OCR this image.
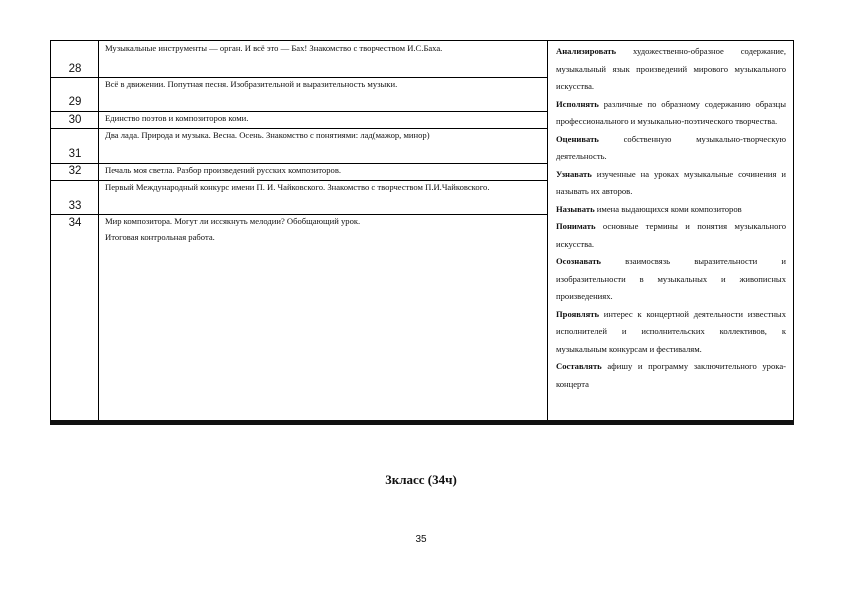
28
29
30
31
32
33
34
Музыкальные инструменты — орган. И всё это — Бах! Знакомство с творчеством И.С.Баха.
Всё в движении. Попутная песня. Изобразительной и выразительность музыки.
Единство поэтов и композиторов коми.
Два лада. Природа и музыка. Весна. Осень. Знакомство с понятиями: лад(мажор, минор)
Печаль моя светла. Разбор произведений русских композиторов.
Первый Международный конкурс имени П. И. Чайковского. Знакомство с творчеством П.И.Чайковского.
Мир композитора. Могут ли иссякнуть мелодии? Обобщающий урок.
Итоговая контрольная работа.

Анализировать художественно-образное содержание, музыкальный язык произведений мирового музыкального искусства.

Исполнять различные по образному содержанию образцы профессионального и музыкально-поэтического творчества.

Оценивать собственную музыкально-творческую деятельность.

Узнавать изученные на уроках музыкальные сочинения и называть их авторов.

Называть имена выдающихся коми композиторов

Понимать основные термины и понятия музыкального искусства.

Осознавать взаимосвязь выразительности и изобразительности в музыкальных и живописных произведениях.

Проявлять интерес к концертной деятельности известных исполнителей и исполнительских коллективов, к музыкальным конкурсам и фестивалям.

Составлять афишу и программу заключительного урока-концерта

3класс (34ч)
35
